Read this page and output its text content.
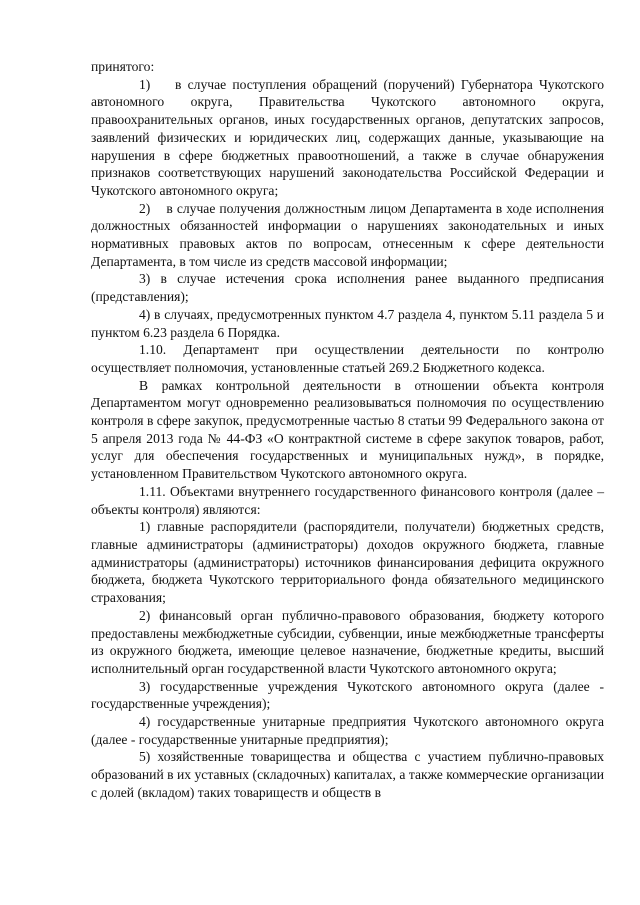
принятого:

1)    в случае поступления обращений (поручений) Губернатора Чукотского автономного округа, Правительства Чукотского автономного округа, правоохранительных органов, иных государственных органов, депутатских запросов, заявлений физических и юридических лиц, содержащих данные, указывающие на нарушения в сфере бюджетных правоотношений, а также в случае обнаружения признаков соответствующих нарушений законодательства Российской Федерации и Чукотского автономного округа;

2)    в случае получения должностным лицом Департамента в ходе исполнения должностных обязанностей информации о нарушениях законодательных и иных нормативных правовых актов по вопросам, отнесенным к сфере деятельности Департамента, в том числе из средств массовой информации;

3) в случае истечения срока исполнения ранее выданного предписания (представления);

4) в случаях, предусмотренных пунктом 4.7 раздела 4, пунктом 5.11 раздела 5 и пунктом 6.23 раздела 6 Порядка.

1.10. Департамент при осуществлении деятельности по контролю осуществляет полномочия, установленные статьей 269.2 Бюджетного кодекса.

В рамках контрольной деятельности в отношении объекта контроля Департаментом могут одновременно реализовываться полномочия по осуществлению контроля в сфере закупок, предусмотренные частью 8 статьи 99 Федерального закона от 5 апреля 2013 года № 44-ФЗ «О контрактной системе в сфере закупок товаров, работ, услуг для обеспечения государственных и муниципальных нужд», в порядке, установленном Правительством Чукотского автономного округа.

1.11. Объектами внутреннего государственного финансового контроля (далее – объекты контроля) являются:

1) главные распорядители (распорядители, получатели) бюджетных средств, главные администраторы (администраторы) доходов окружного бюджета, главные администраторы (администраторы) источников финансирования дефицита окружного бюджета, бюджета Чукотского территориального фонда обязательного медицинского страхования;

2) финансовый орган публично-правового образования, бюджету которого предоставлены межбюджетные субсидии, субвенции, иные межбюджетные трансферты из окружного бюджета, имеющие целевое назначение, бюджетные кредиты, высший исполнительный орган государственной власти Чукотского автономного округа;

3) государственные учреждения Чукотского автономного округа (далее - государственные учреждения);

4) государственные унитарные предприятия Чукотского автономного округа (далее - государственные унитарные предприятия);

5) хозяйственные товарищества и общества с участием публично-правовых образований в их уставных (складочных) капиталах, а также коммерческие организации с долей (вкладом) таких товариществ и обществ в
